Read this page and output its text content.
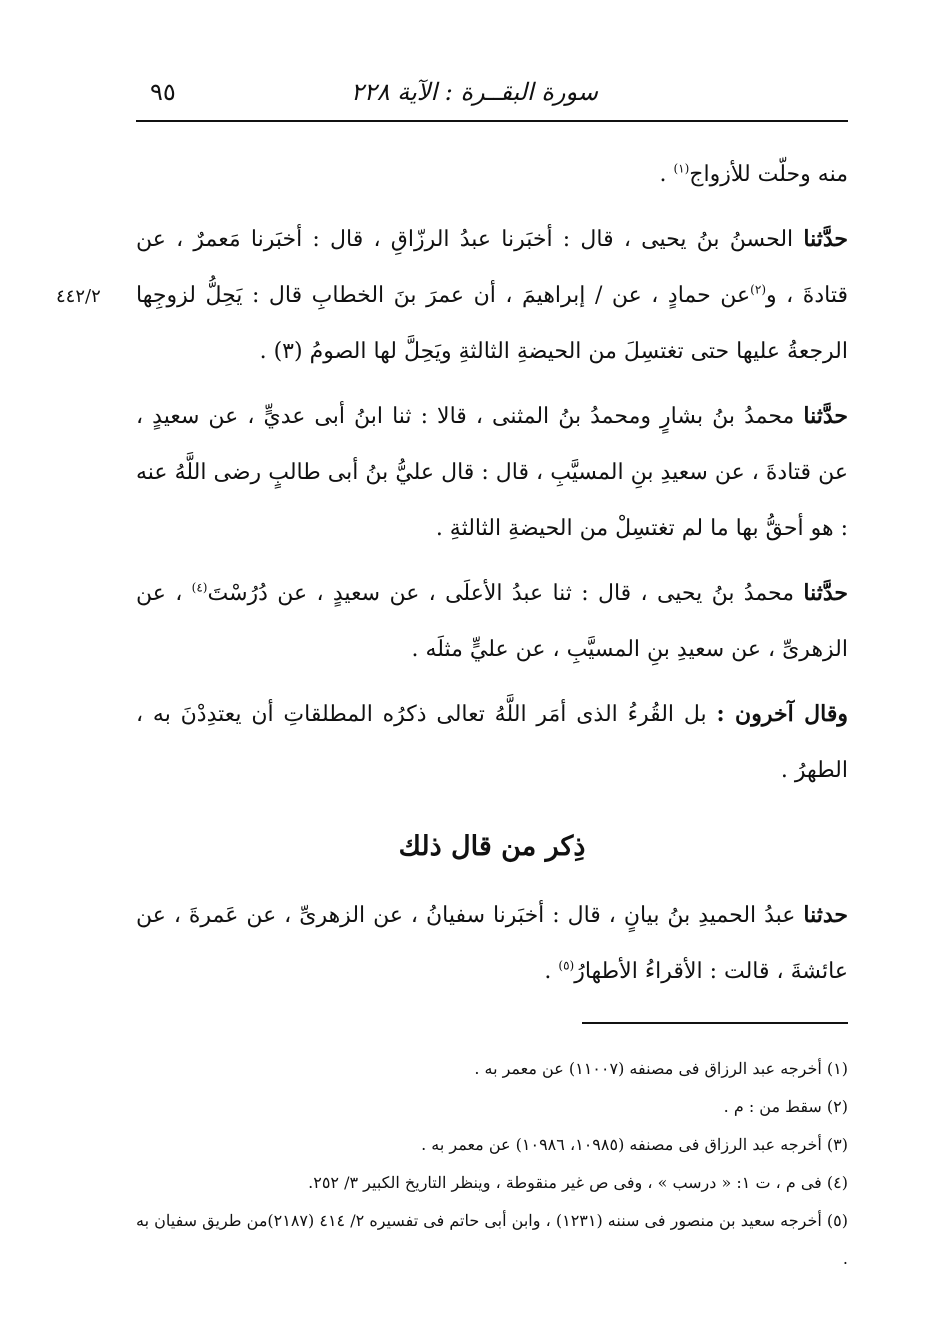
سورة البقــرة : الآية ٢٢٨
٩٥
٤٤٢/٢

منه وحلّت للأزواج$^{(١)}$ .

حدَّثنا الحسنُ بنُ يحيى ، قال : أخبَرنا عبدُ الرزّاقِ ، قال : أخبَرنا مَعمرٌ ، عن قتادةَ ، و$^{(٢)}$عن حمادٍ ، عن / إبراهيمَ ، أن عمرَ بنَ الخطابِ قال : يَحِلُّ لزوجِها الرجعةُ عليها حتى تغتسِلَ من الحيضةِ الثالثةِ ويَحِلَّ لها الصومُ (٣) .

حدَّثنا محمدُ بنُ بشارٍ ومحمدُ بنُ المثنى ، قالا : ثنا ابنُ أبى عديٍّ ، عن سعيدٍ ، عن قتادةَ ، عن سعيدِ بنِ المسيَّبِ ، قال : قال عليُّ بنُ أبى طالبٍ رضى اللَّهُ عنه : هو أحقُّ بها ما لم تغتسِلْ من الحيضةِ الثالثةِ .

حدَّثنا محمدُ بنُ يحيى ، قال : ثنا عبدُ الأعلَى ، عن سعيدٍ ، عن دُرُسْتَ$^{(٤)}$ ، عن الزهرىِّ ، عن سعيدِ بنِ المسيَّبِ ، عن عليٍّ مثلَه .

وقال آخرون : بل القُرءُ الذى أمَر اللَّهُ تعالى ذكرُه المطلقاتِ أن يعتدِدْنَ به ، الطهرُ .

ذِكر من قال ذلك

حدثنا عبدُ الحميدِ بنُ بيانٍ ، قال : أخبَرنا سفيانُ ، عن الزهرىِّ ، عن عَمرةَ ، عن عائشةَ ، قالت : الأقراءُ الأطهارُ$^{(٥)}$ .

(١) أخرجه عبد الرزاق فى مصنفه (١١٠٠٧) عن معمر به .

(٢) سقط من : م .

(٣) أخرجه عبد الرزاق فى مصنفه (١٠٩٨٥، ١٠٩٨٦) عن معمر به .

(٤) فى م ، ت ١: « درسب » ، وفى ص غير منقوطة ، وينظر التاريخ الكبير ٣/ ٢٥٢.

(٥) أخرجه سعيد بن منصور فى سننه (١٢٣١) ، وابن أبى حاتم فى تفسيره ٢/ ٤١٤ (٢١٨٧)من طريق سفيان به .
